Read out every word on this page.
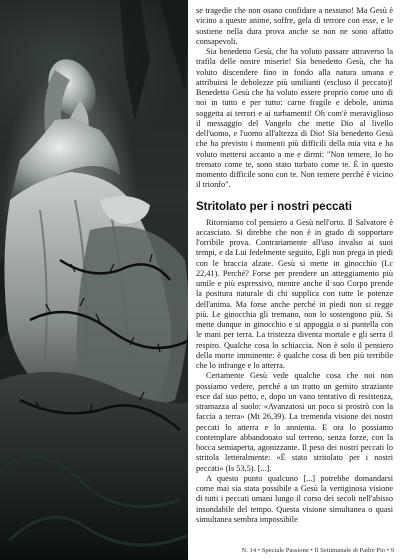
se tragedie che non osano confidare a nessuno! Ma Gesù è vicino a queste anime, soffre, gela di terrore con esse, e le sostiene nella dura prova anche se non ne sono affatto consapevoli.

Sia benedetto Gesù, che ha voluto passare attraverso la trafila delle nostre miserie! Sia benedetto Gesù, che ha voluto discendere fino in fondo alla natura umana e attribuirsi le debolezze più umilianti (escluso il peccato)! Benedetto Gesù che ha voluto essere proprio come uno di noi in tutto e per tutto: carne fragile e debole, anima soggetta ai terrori e ai turbamenti! Oh com'è meraviglioso il messaggio del Vangelo che mette Dio al livello dell'uomo, e l'uomo all'altezza di Dio! Sia benedetto Gesù che ha previsto i momenti più difficili della mia vita e ha voluto mettersi accanto a me e dirmi: "Non temere, Io ho tremato come te, sono stato turbato come te. È in questo momento difficile sono con te. Non temere perché è vicino il trionfo".

Stritolato per i nostri peccati

Ritorniamo col pensiero a Gesù nell'orto. Il Salvatore è accasciato. Si direbbe che non è in grado di sopportare l'orribile prova. Contrariamente all'uso invalso ai suoi tempi, e da Lui fedelmente seguito, Egli non prega in piedi con le braccia alzate. Gesù si mette in ginocchio (Lc 22,41). Perché? Forse per prendere un atteggiamento più umile e più espressivo, mentre anche il suo Corpo prende la positura naturale di chi supplica con tutte le potenze dell'anima. Ma forse anche perché in piedi non si regge più. Le ginocchia gli tremano, non lo sostengono più. Si mette dunque in ginocchio e si appoggia o si puntella con le mani per terra. La tristezza diventa mortale e gli serra il respiro. Qualche cosa lo schiaccia. Non è solo il pensiero della morte imminente: è qualche cosa di ben più terribile che lo infrange e lo atterra.

Certamente Gesù vede qualche cosa che noi non possiamo vedere, perché a un tratto un gemito straziante esce dal suo petto, e, dopo un vano tentativo di resistenza, stramazza al suolo: «Avanzatosi un poco si prostrò con la faccia a terra» (Mt 26,39). La tremenda visione dei nostri peccati lo atterra e lo annienta. E ora lo possiamo contemplare abbandonato sul terreno, senza forze, con la bocca semiaperta, agonizzante. Il peso dei nostri peccati lo stritola letteralmente: «È stato stritolato per i nostri peccati» (Is 53,5). [...].

A questo punto qualcuno [...] potrebbe domandarsi come mai sia stata possibile a Gesù la vertiginosa visione di tutti i peccati umani lungo il corso dei secoli nell'abisso insondabile del tempo. Questa visione simultanea o quasi simultanea sembra impossibile

N. 14 • Speciale Passione • Il Settimanale di Padre Pio • 9
